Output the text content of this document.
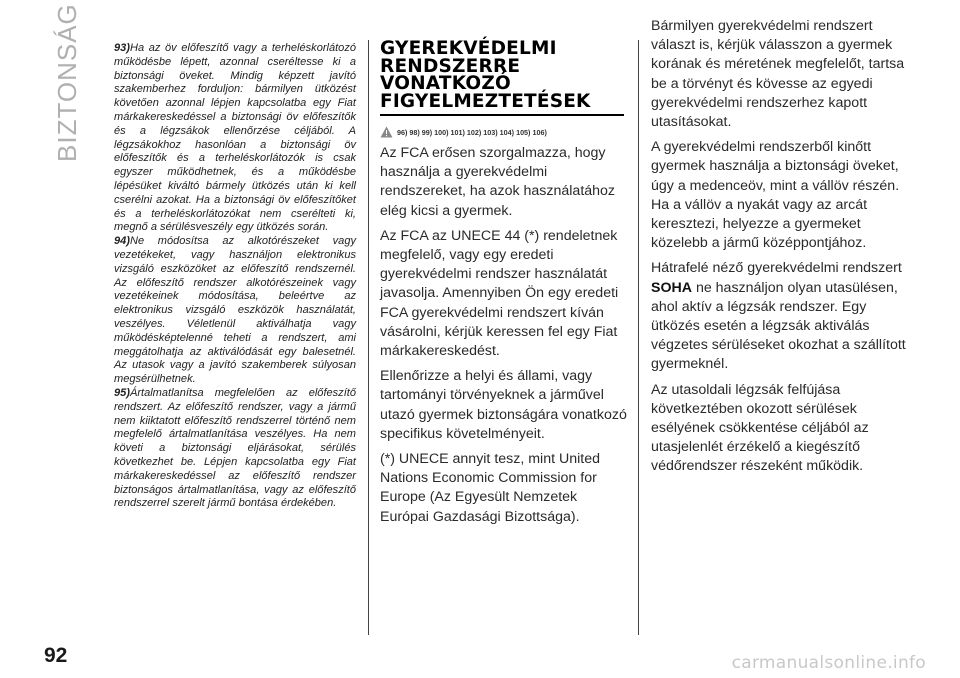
BIZTONSÁG	93)Ha az öv előfeszítő vagy a terheléskorlátozó működésbe lépett, azonnal cseréltesse ki a biztonsági öveket. Mindig képzett javító szakemberhez forduljon: bármilyen ütközést követően azonnal lépjen kapcsolatba egy Fiat márkakereskedéssel a biztonsági öv előfeszítők és a légzsákok ellenőrzése céljából. A légzsákokhoz hasonlóan a biztonsági öv előfeszítők és a terheléskorlátozók is csak egyszer működhetnek, és a működésbe lépésüket kiváltó bármely ütközés után ki kell cserélni azokat. Ha a biztonsági öv előfeszítőket és a terheléskorlátozókat nem cserélteti ki, megnő a sérülésveszély egy ütközés során.

94)Ne módosítsa az alkotórészeket vagy vezetékeket, vagy használjon elektronikus vizsgáló eszközöket az előfeszítő rendszernél. Az előfeszítő rendszer alkotórészeinek vagy vezetékeinek módosítása, beleértve az elektronikus vizsgáló eszközök használatát, veszélyes. Véletlenül aktiválhatja vagy működésképtelenné teheti a rendszert, ami meggátolhatja az aktiválódását egy balesetnél. Az utasok vagy a javító szakemberek súlyosan megsérülhetnek.

95)Ártalmatlanítsa megfelelően az előfeszítő rendszert. Az előfeszítő rendszer, vagy a jármű nem kiiktatott előfeszítő rendszerrel történő nem megfelelő ártalmatlanítása veszélyes. Ha nem követi a biztonsági eljárásokat, sérülés következhet be. Lépjen kapcsolatba egy Fiat márkakereskedéssel az előfeszítő rendszer biztonságos ártalmatlanítása, vagy az előfeszítő rendszerrel szerelt jármű bontása érdekében.

GYEREKVÉDELMI RENDSZERRE VONATKOZÓ FIGYELMEZTETÉSEK
96) 98) 99) 100) 101) 102) 103) 104) 105) 106)

Az FCA erősen szorgalmazza, hogy használja a gyerekvédelmi rendszereket, ha azok használatához elég kicsi a gyermek.

Az FCA az UNECE 44 (*) rendeletnek megfelelő, vagy egy eredeti gyerekvédelmi rendszer használatát javasolja. Amennyiben Ön egy eredeti FCA gyerekvédelmi rendszert kíván vásárolni, kérjük keressen fel egy Fiat márkakereskedést.

Ellenőrizze a helyi és állami, vagy tartományi törvényeknek a járművel utazó gyermek biztonságára vonatkozó specifikus követelményeit.

(*) UNECE annyit tesz, mint United Nations Economic Commission for Europe (Az Egyesült Nemzetek Európai Gazdasági Bizottsága).

Bármilyen gyerekvédelmi rendszert választ is, kérjük válasszon a gyermek korának és méretének megfelelőt, tartsa be a törvényt és kövesse az egyedi gyerekvédelmi rendszerhez kapott utasításokat.

A gyerekvédelmi rendszerből kinőtt gyermek használja a biztonsági öveket, úgy a medenceöv, mint a vállöv részén. Ha a vállöv a nyakát vagy az arcát keresztezi, helyezze a gyermeket közelebb a jármű középpontjához.

Hátrafelé néző gyerekvédelmi rendszert SOHA ne használjon olyan utasülésen, ahol aktív a légzsák rendszer. Egy ütközés esetén a légzsák aktiválás végzetes sérüléseket okozhat a szállított gyermeknél.

Az utasoldali légzsák felfújása következtében okozott sérülések esélyének csökkentése céljából az utasjelenlét érzékelő a kiegészítő védőrendszer részeként működik.

92	carmanualsonline.info
